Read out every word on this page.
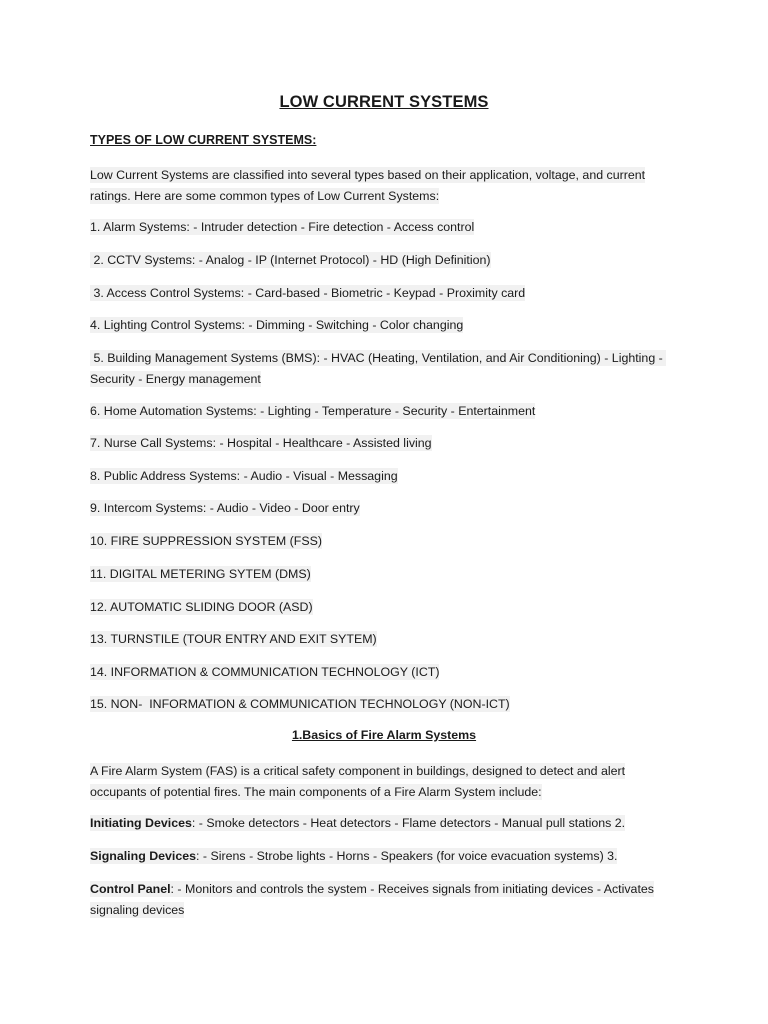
LOW CURRENT SYSTEMS
TYPES OF LOW CURRENT SYSTEMS:
Low Current Systems are classified into several types based on their application, voltage, and current ratings. Here are some common types of Low Current Systems:
1. Alarm Systems: - Intruder detection - Fire detection - Access control
2. CCTV Systems: - Analog - IP (Internet Protocol) - HD (High Definition)
3. Access Control Systems: - Card-based - Biometric - Keypad - Proximity card
4. Lighting Control Systems: - Dimming - Switching - Color changing
5. Building Management Systems (BMS): - HVAC (Heating, Ventilation, and Air Conditioning) - Lighting - Security - Energy management
6. Home Automation Systems: - Lighting - Temperature - Security - Entertainment
7. Nurse Call Systems: - Hospital - Healthcare - Assisted living
8. Public Address Systems: - Audio - Visual - Messaging
9. Intercom Systems: - Audio - Video - Door entry
10. FIRE SUPPRESSION SYSTEM (FSS)
11. DIGITAL METERING SYTEM (DMS)
12. AUTOMATIC SLIDING DOOR (ASD)
13. TURNSTILE (TOUR ENTRY AND EXIT SYTEM)
14. INFORMATION & COMMUNICATION TECHNOLOGY (ICT)
15. NON-  INFORMATION & COMMUNICATION TECHNOLOGY (NON-ICT)
1.Basics of Fire Alarm Systems
A Fire Alarm System (FAS) is a critical safety component in buildings, designed to detect and alert occupants of potential fires. The main components of a Fire Alarm System include:
Initiating Devices: - Smoke detectors - Heat detectors - Flame detectors - Manual pull stations 2.
Signaling Devices: - Sirens - Strobe lights - Horns - Speakers (for voice evacuation systems) 3.
Control Panel: - Monitors and controls the system - Receives signals from initiating devices - Activates signaling devices
